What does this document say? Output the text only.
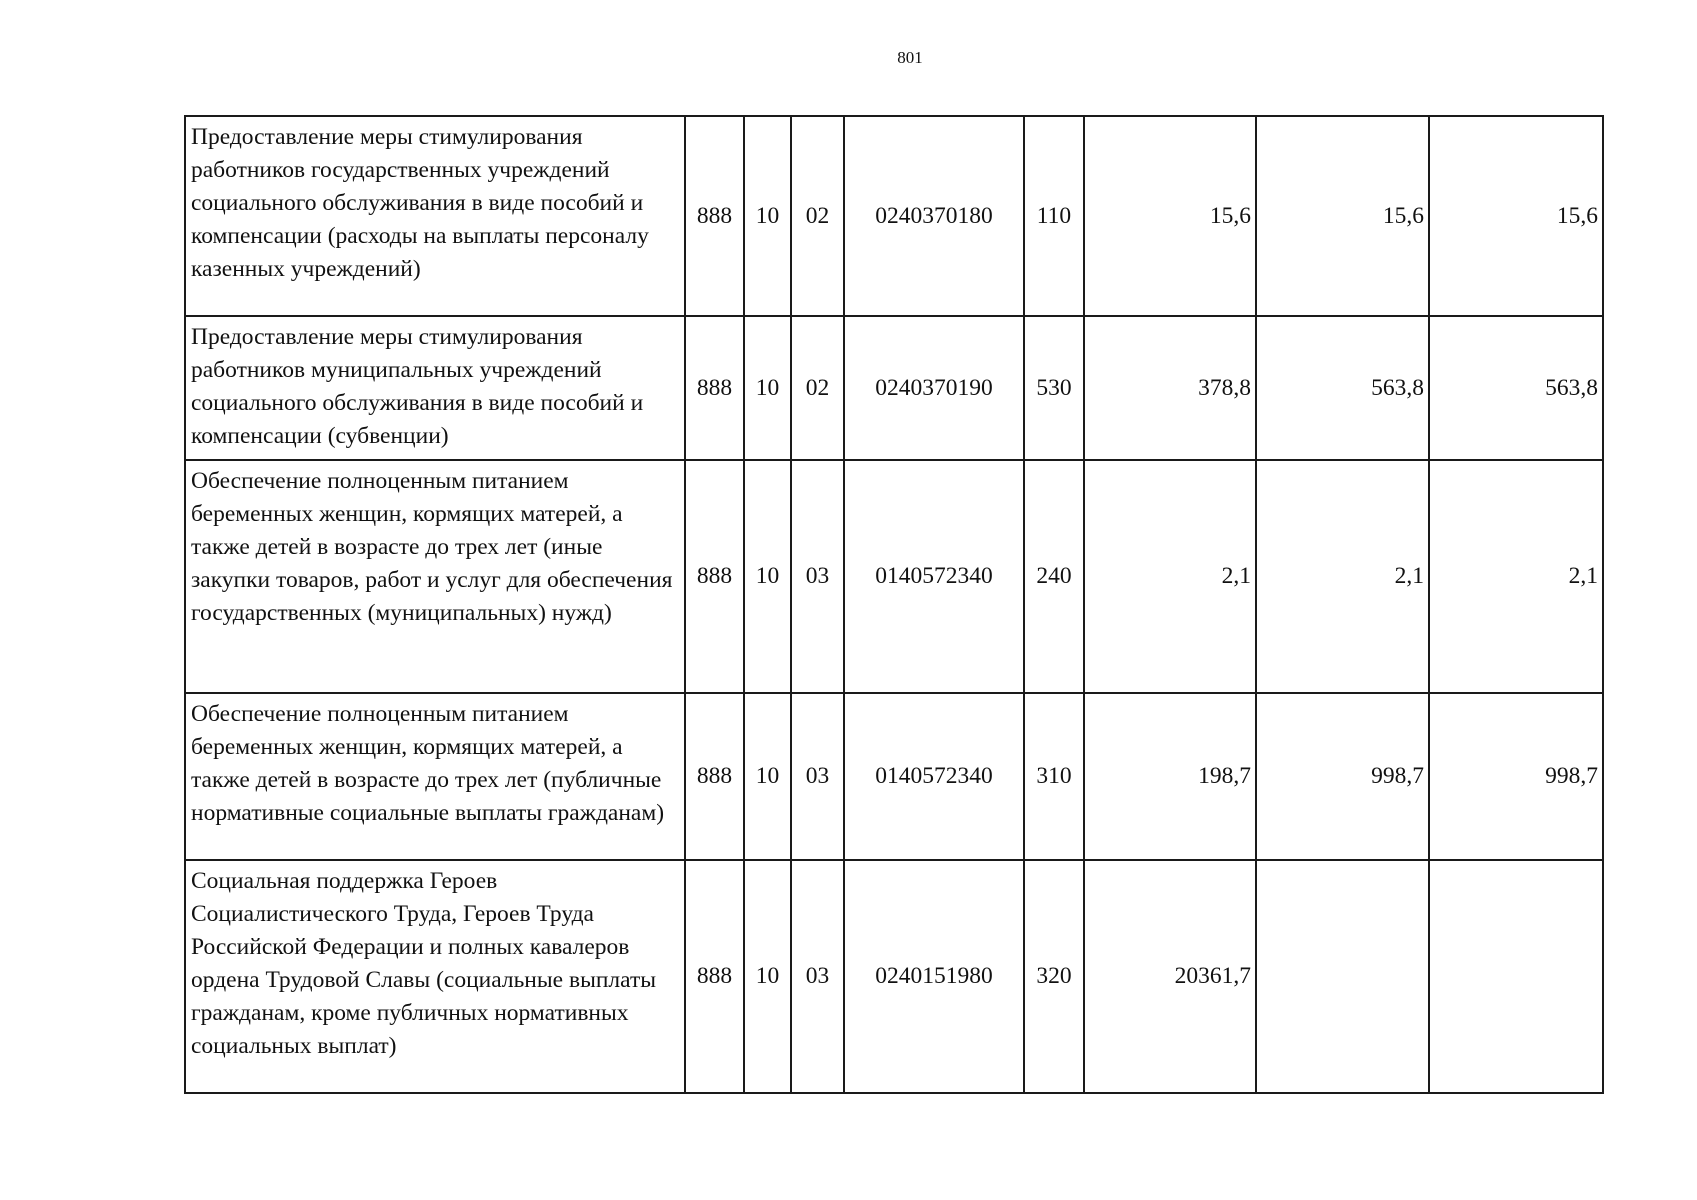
801
Предоставление меры стимулирования работников государственных учреждений социального обслуживания в виде пособий и компенсации (расходы на выплаты персоналу казенных учреждений)	888	10	02	0240370180	110	15,6	15,6	15,6
Предоставление меры стимулирования работников муниципальных учреждений социального обслуживания в виде пособий и компенсации (субвенции)	888	10	02	0240370190	530	378,8	563,8	563,8
Обеспечение полноценным питанием беременных женщин, кормящих матерей, а также детей в возрасте до трех лет (иные закупки товаров, работ и услуг для обеспечения государственных (муниципальных) нужд)	888	10	03	0140572340	240	2,1	2,1	2,1
Обеспечение полноценным питанием беременных женщин, кормящих матерей, а также детей в возрасте до трех лет (публичные нормативные социальные выплаты гражданам)	888	10	03	0140572340	310	198,7	998,7	998,7
Социальная поддержка Героев Социалистического Труда, Героев Труда Российской Федерации и полных кавалеров ордена Трудовой Славы (социальные выплаты гражданам, кроме публичных нормативных социальных выплат)	888	10	03	0240151980	320	20361,7		
